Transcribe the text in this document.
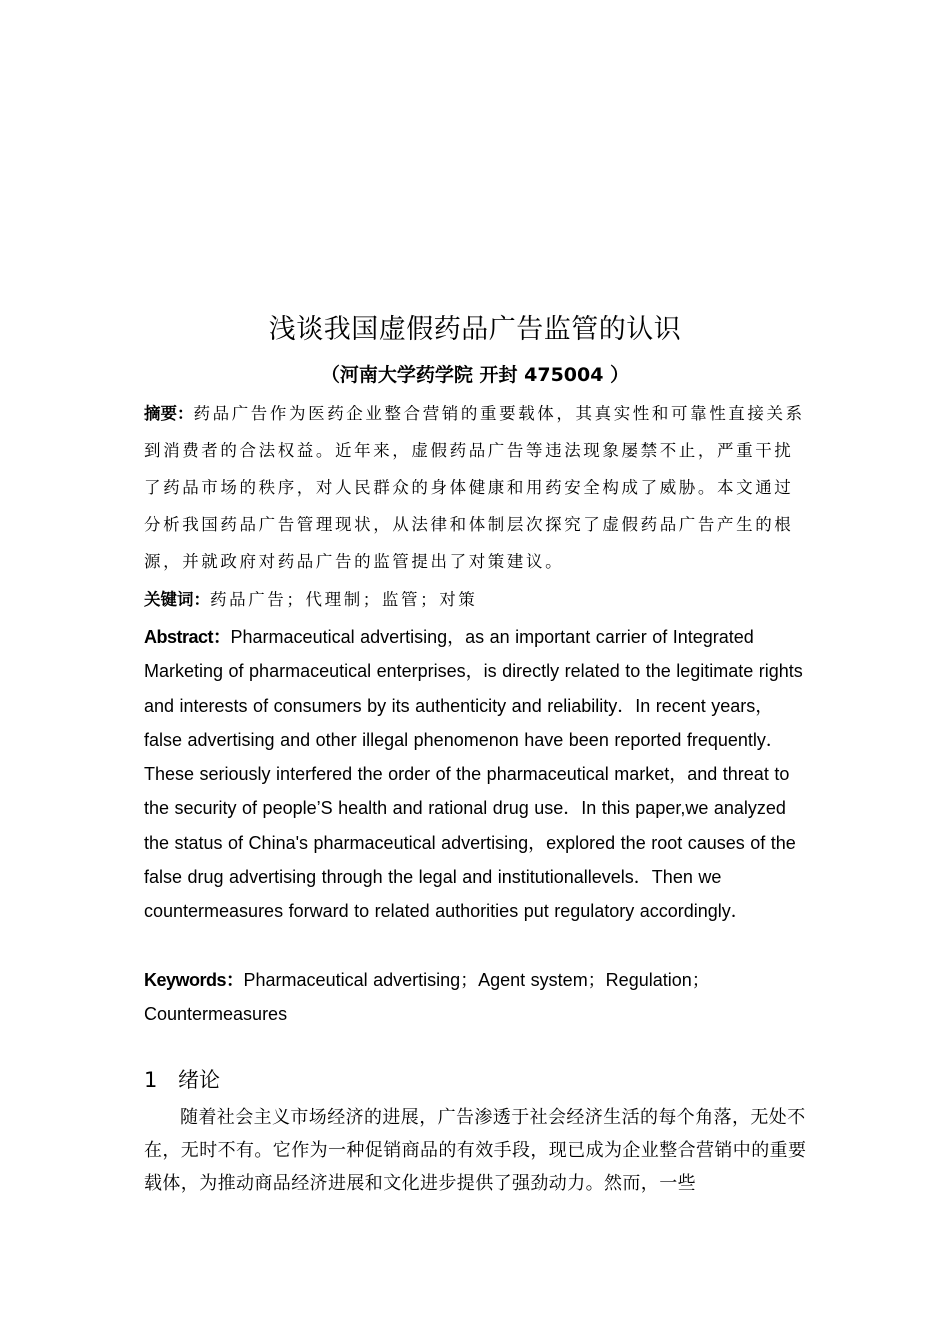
浅谈我国虚假药品广告监管的认识
（河南大学药学院 开封 475004 ）
摘要：药品广告作为医药企业整合营销的重要载体，其真实性和可靠性直接关系到消费者的合法权益。近年来，虚假药品广告等违法现象屡禁不止，严重干扰了药品市场的秩序，对人民群众的身体健康和用药安全构成了威胁。本文通过分析我国药品广告管理现状，从法律和体制层次探究了虚假药品广告产生的根源，并就政府对药品广告的监管提出了对策建议。
关键词：药品广告；代理制；监管；对策
Abstract：Pharmaceutical advertising，as an important carrier of Integrated Marketing of pharmaceutical enterprises，is directly related to the legitimate rights and interests of consumers by its authenticity and reliability．In recent years，false advertising and other illegal phenomenon have been reported frequently．These seriously interfered the order of the pharmaceutical market，and threat to the security of people’S health and rational drug use．In this paper,we analyzed the status of China's pharmaceutical advertising，explored the root causes of the false drug advertising through the legal and institutionallevels．Then we countermeasures forward to related authorities put regulatory accordingly．
Keywords：Pharmaceutical advertising；Agent system；Regulation；Countermeasures
1 绪论
随着社会主义市场经济的进展，广告渗透于社会经济生活的每个角落，无处不在，无时不有。它作为一种促销商品的有效手段，现已成为企业整合营销中的重要载体，为推动商品经济进展和文化进步提供了强劲动力。然而，一些
